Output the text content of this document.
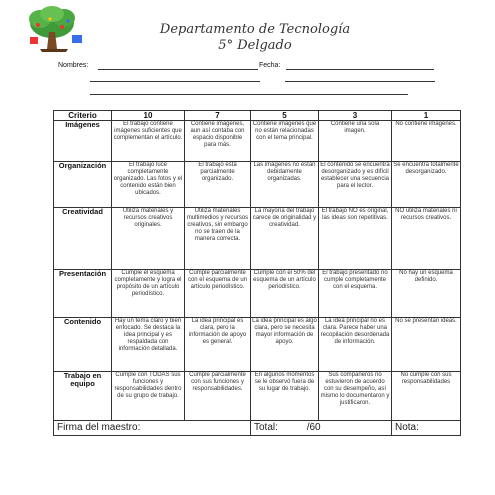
Departamento de Tecnología
5° Delgado
Nombres:	Fecha:
Criterio	10	7	5	3	1
Imágenes	El trabajo contiene imágenes suficientes que complementan el artículo.	Contiene imágenes, aun así contaba con espacio disponible para más.	Contiene imágenes que no están relacionadas con el tema principal.	Contiene una sola imagen.	No contiene imágenes.
Organización	El trabajo luce completamente organizado. Las fotos y el contenido están bien ubicados.	El trabajo está parcialmente organizado.	Las imágenes no están debidamente organizadas.	El contenido se encuentra desorganizado y es difícil establecer una secuencia para el lector.	Se encuentra totalmente desorganizado.
Creatividad	Utiliza materiales y recursos creativos originales.	Utiliza materiales multimedios y recursos creativos, sin embargo no se traen de la manera correcta.	La mayoría del trabajo carece de originalidad y creatividad.	El trabajo NO es original, las ideas son repetitivas.	NO utiliza materiales ni recursos creativos.
Presentación	Cumple el esquema completamente y logra el propósito de un artículo periodístico.	Cumple parcialmente con el esquema de un artículo periodístico.	Cumple con el 50% del esquema de un artículo periodístico.	El trabajo presentado no cumple completamente con el esquema.	No hay un esquema definido.
Contenido	Hay un tema claro y bien enfocado. Se destaca la idea principal y es respaldada con información detallada.	La idea principal es clara, pero la información de apoyo es general.	La idea principal es algo clara, pero se necesita mayor información de apoyo.	La idea principal no es clara. Parece haber una recopilación desordenada de información.	No se presentan ideas.
Trabajo en equipo	Cumple con TODAS sus funciones y responsabilidades dentro de su grupo de trabajo.	Cumple parcialmente con sus funciones y responsabilidades.	En algunos momentos se le observó fuera de su lugar de trabajo.	Sus compañeros no estuvieron de acuerdo con su desempeño, así mismo lo documentaron y justificaron.	No cumple con sus responsabilidades
Firma del maestro:			Total: /60		Nota:
